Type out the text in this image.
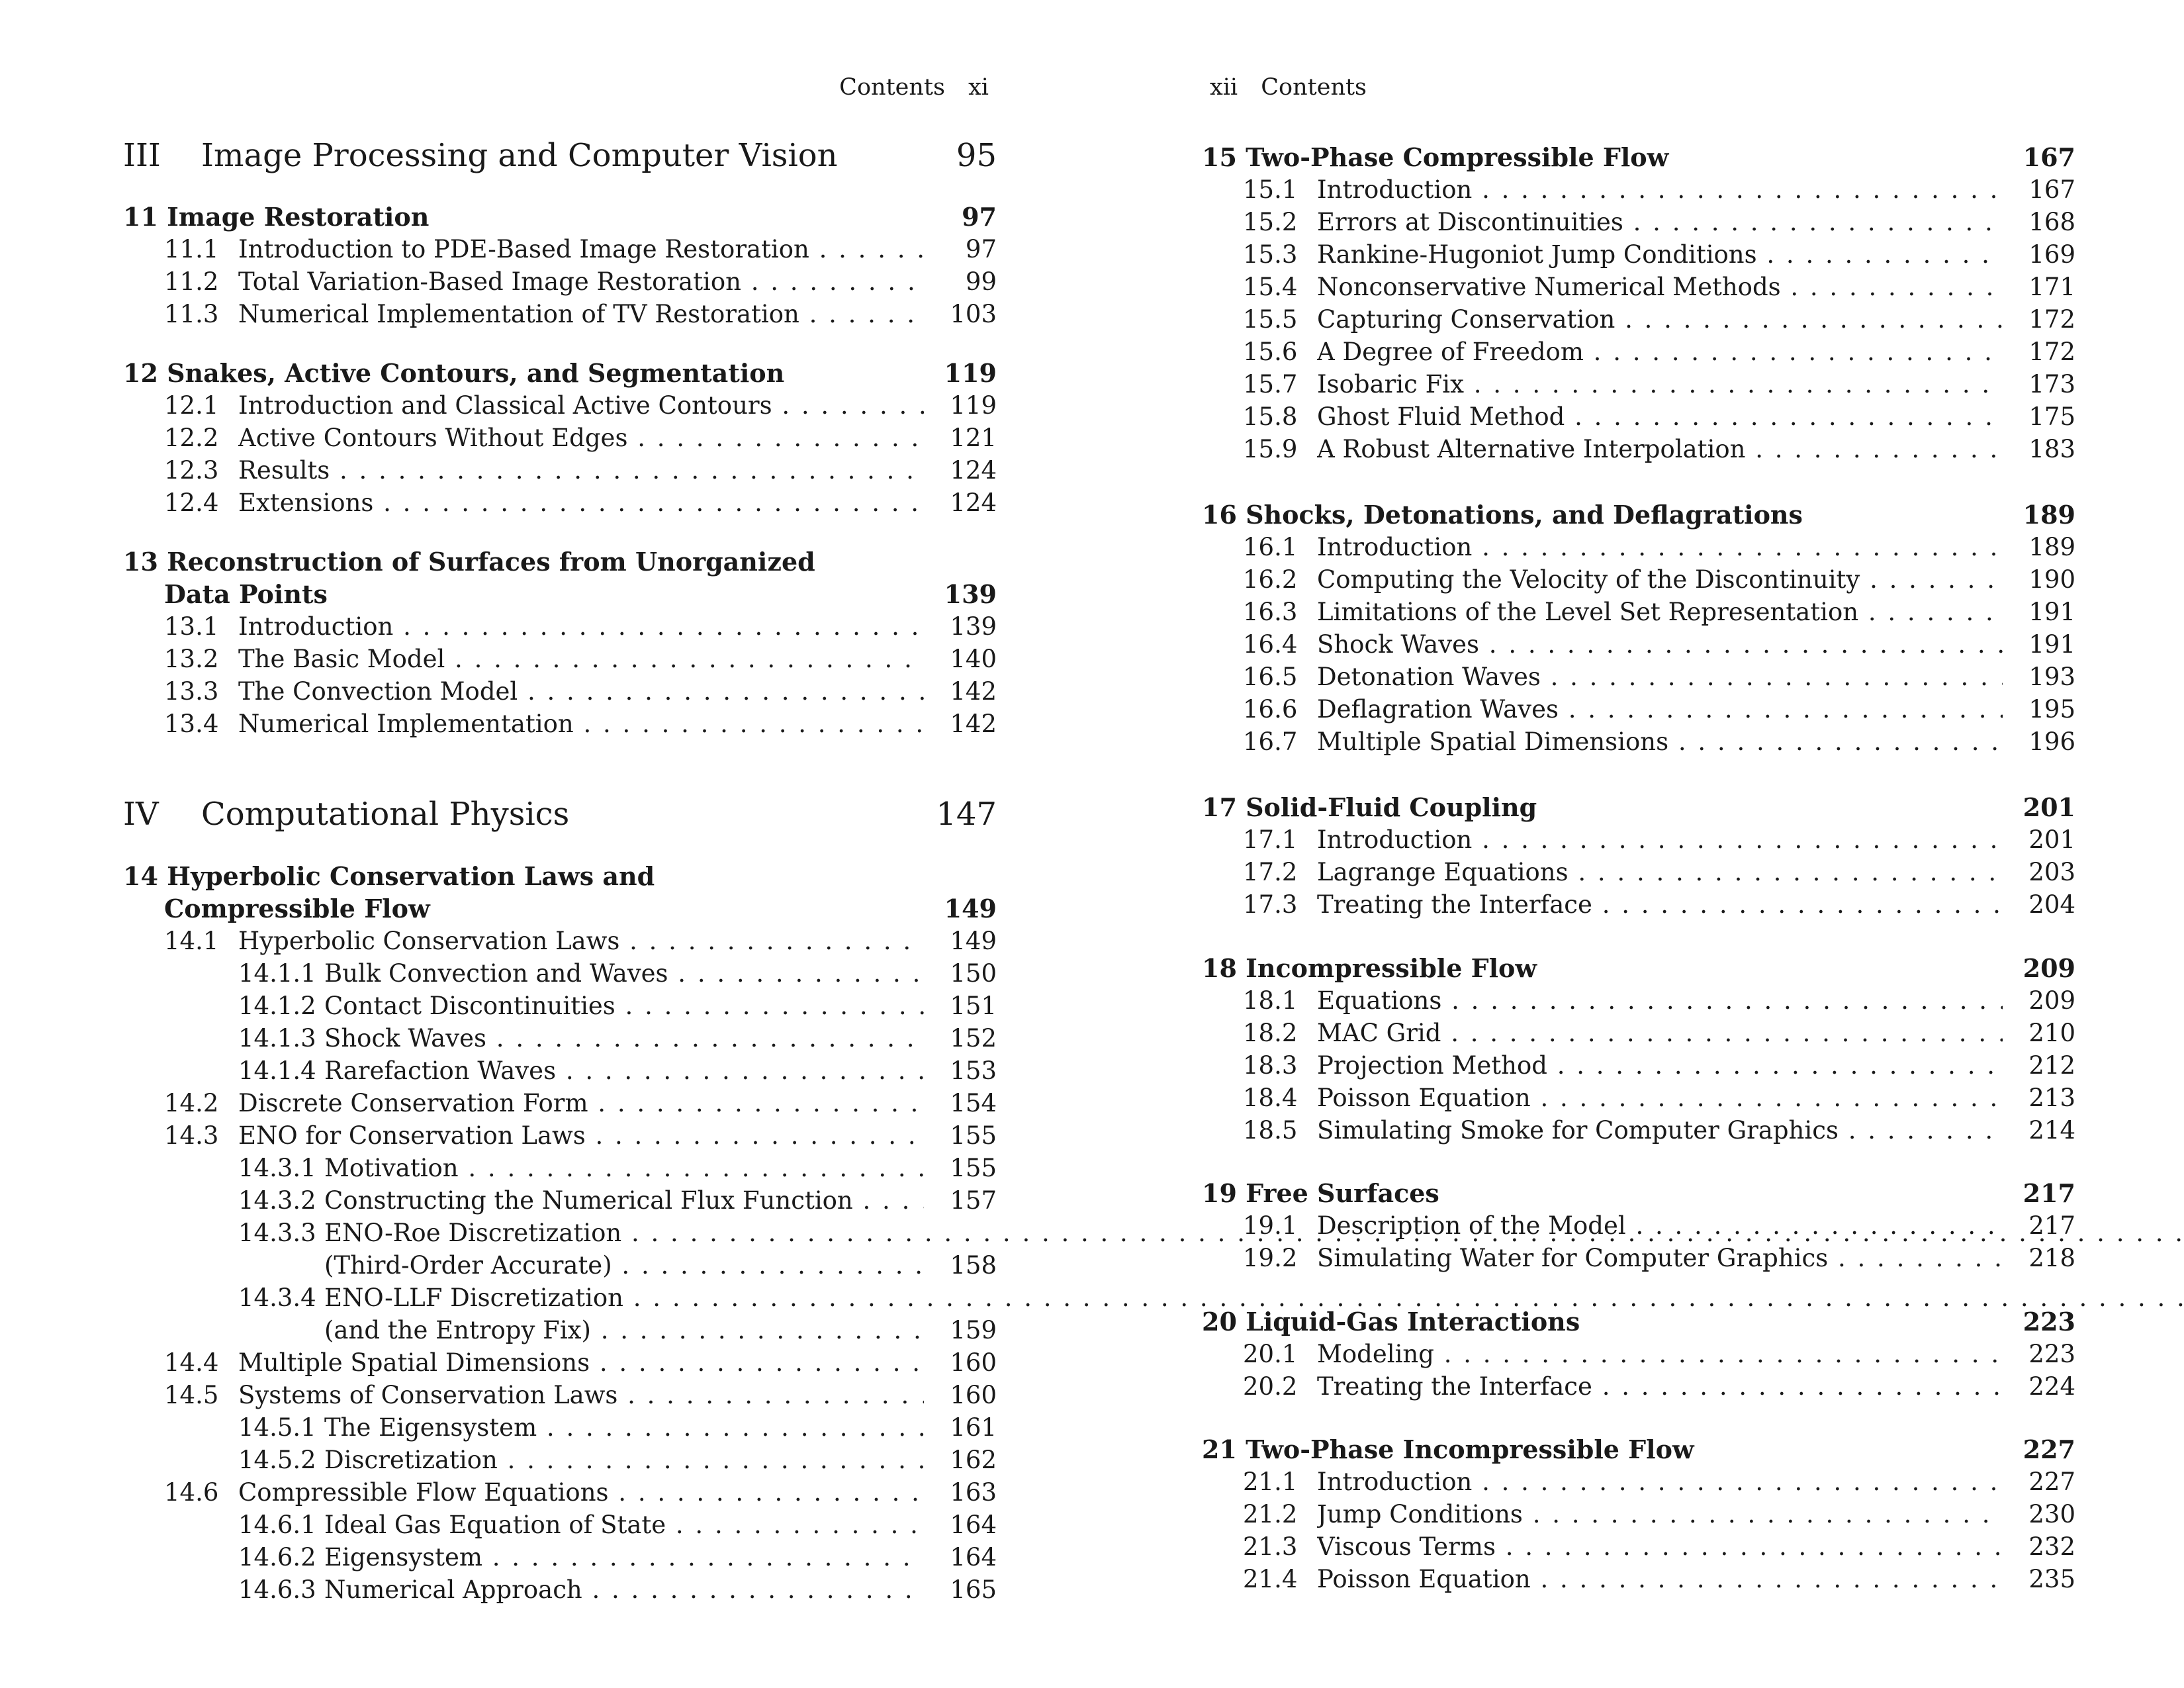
Contents xi
III Image Processing and Computer Vision	95
11 Image Restoration	97
11.1 Introduction to PDE-Based Image Restoration . . .	97
11.2 Total Variation-Based Image Restoration . . .	99
11.3 Numerical Implementation of TV Restoration . . .	103
12 Snakes, Active Contours, and Segmentation	119
12.1 Introduction and Classical Active Contours . . .	119
12.2 Active Contours Without Edges . . .	121
12.3 Results . . .	124
12.4 Extensions . . .	124
13 Reconstruction of Surfaces from Unorganized
Data Points	139
13.1 Introduction . . .	139
13.2 The Basic Model . . .	140
13.3 The Convection Model . . .	142
13.4 Numerical Implementation . . .	142
IV Computational Physics	147
14 Hyperbolic Conservation Laws and
Compressible Flow	149
14.1 Hyperbolic Conservation Laws . . .	149
14.1.1 Bulk Convection and Waves . . .	150
14.1.2 Contact Discontinuities . . .	151
14.1.3 Shock Waves . . .	152
14.1.4 Rarefaction Waves . . .	153
14.2 Discrete Conservation Form . . .	154
14.3 ENO for Conservation Laws . . .	155
14.3.1 Motivation . . .	155
14.3.2 Constructing the Numerical Flux Function . . .	157
14.3.3 ENO-Roe Discretization . . .
(Third-Order Accurate) . . .	158
14.3.4 ENO-LLF Discretization . . .
(and the Entropy Fix) . . .	159
14.4 Multiple Spatial Dimensions . . .	160
14.5 Systems of Conservation Laws . . .	160
14.5.1 The Eigensystem . . .	161
14.5.2 Discretization . . .	162
14.6 Compressible Flow Equations . . .	163
14.6.1 Ideal Gas Equation of State . . .	164
14.6.2 Eigensystem . . .	164
14.6.3 Numerical Approach . . .	165
xii Contents
15 Two-Phase Compressible Flow	167
15.1 Introduction . . .	167
15.2 Errors at Discontinuities . . .	168
15.3 Rankine-Hugoniot Jump Conditions . . .	169
15.4 Nonconservative Numerical Methods . . .	171
15.5 Capturing Conservation . . .	172
15.6 A Degree of Freedom . . .	172
15.7 Isobaric Fix . . .	173
15.8 Ghost Fluid Method . . .	175
15.9 A Robust Alternative Interpolation . . .	183
16 Shocks, Detonations, and Deflagrations	189
16.1 Introduction . . .	189
16.2 Computing the Velocity of the Discontinuity . . .	190
16.3 Limitations of the Level Set Representation . . .	191
16.4 Shock Waves . . .	191
16.5 Detonation Waves . . .	193
16.6 Deflagration Waves . . .	195
16.7 Multiple Spatial Dimensions . . .	196
17 Solid-Fluid Coupling	201
17.1 Introduction . . .	201
17.2 Lagrange Equations . . .	203
17.3 Treating the Interface . . .	204
18 Incompressible Flow	209
18.1 Equations . . .	209
18.2 MAC Grid . . .	210
18.3 Projection Method . . .	212
18.4 Poisson Equation . . .	213
18.5 Simulating Smoke for Computer Graphics . . .	214
19 Free Surfaces	217
19.1 Description of the Model . . .	217
19.2 Simulating Water for Computer Graphics . . .	218
20 Liquid-Gas Interactions	223
20.1 Modeling . . .	223
20.2 Treating the Interface . . .	224
21 Two-Phase Incompressible Flow	227
21.1 Introduction . . .	227
21.2 Jump Conditions . . .	230
21.3 Viscous Terms . . .	232
21.4 Poisson Equation . . .	235
